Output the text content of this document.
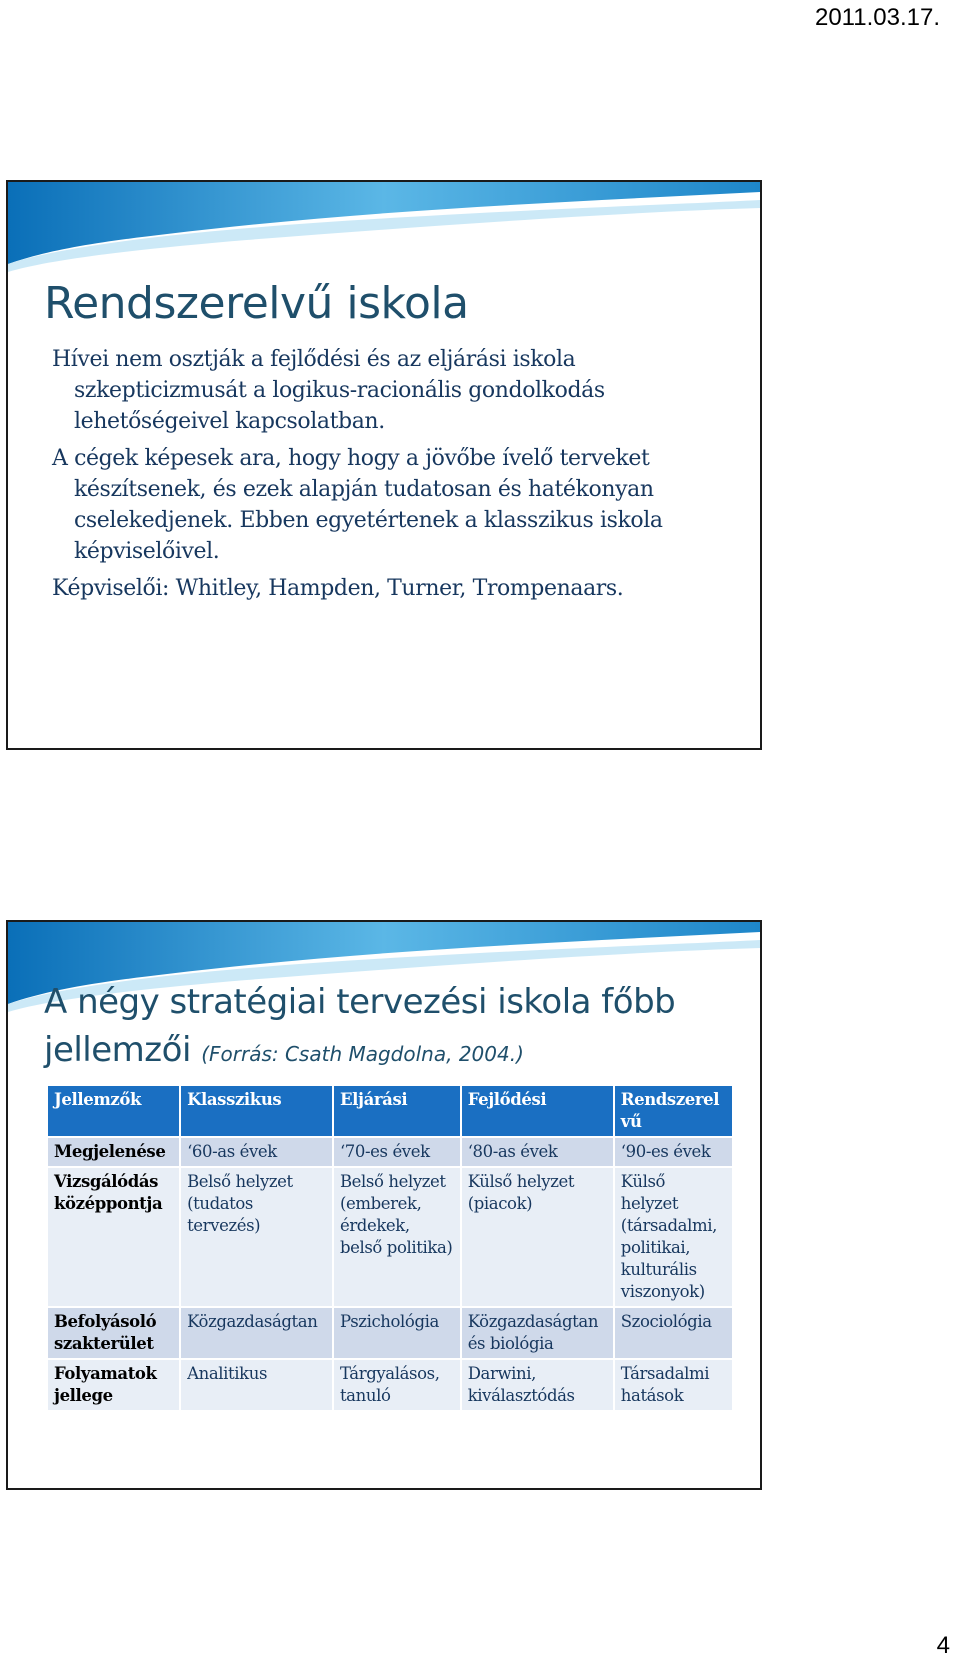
2011.03.17.
Rendszerelvű iskola

Hívei nem osztják a fejlődési és az eljárási iskola szkepticizmusát a logikus-racionális gondolkodás lehetőségeivel kapcsolatban.

A cégek képesek ara, hogy hogy a jövőbe ívelő terveket készítsenek, és ezek alapján tudatosan és hatékonyan cselekedjenek. Ebben egyetértenek a klasszikus iskola képviselőivel.

Képviselői: Whitley, Hampden, Turner, Trompenaars.

A négy stratégiai tervezési iskola főbb jellemzői (Forrás: Csath Magdolna, 2004.)
Jellemzők	Klasszikus	Eljárási	Fejlődési	Rendszerel vű
Megjelenése	‘60-as évek	‘70-es évek	‘80-as évek	‘90-es évek
Vizsgálódás középpontja	Belső helyzet (tudatos tervezés)	Belső helyzet (emberek, érdekek, belső politika)	Külső helyzet (piacok)	Külső helyzet (társadalmi, politikai, kulturális viszonyok)
Befolyásoló szakterület	Közgazdaságtan	Pszichológia	Közgazdaságtan és biológia	Szociológia
Folyamatok jellege	Analitikus	Tárgyalásos, tanuló	Darwini, kiválasztódás	Társadalmi hatások
4
